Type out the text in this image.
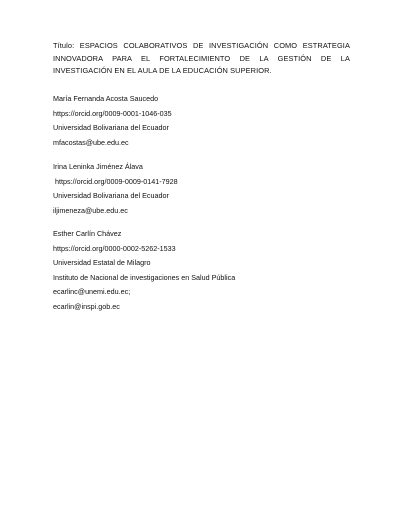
Título: ESPACIOS COLABORATIVOS DE INVESTIGACIÓN COMO ESTRATEGIA INNOVADORA PARA EL FORTALECIMIENTO DE LA GESTIÓN DE LA INVESTIGACIÓN EN EL AULA DE LA EDUCACIÓN SUPERIOR.
María Fernanda Acosta Saucedo
https://orcid.org/0009-0001-1046-035
Universidad Bolivariana del Ecuador
mfacostas@ube.edu.ec
Irina Leninka Jiménez Álava
https://orcid.org/0009-0009-0141-7928
Universidad Bolivariana del Ecuador
iljimeneza@ube.edu.ec
Esther Carlín Chávez
https://orcid.org/0000-0002-5262-1533
Universidad Estatal de Milagro
Instituto de Nacional de investigaciones en Salud Pública
ecarlinc@unemi.edu.ec;
ecarlin@inspi.gob.ec
